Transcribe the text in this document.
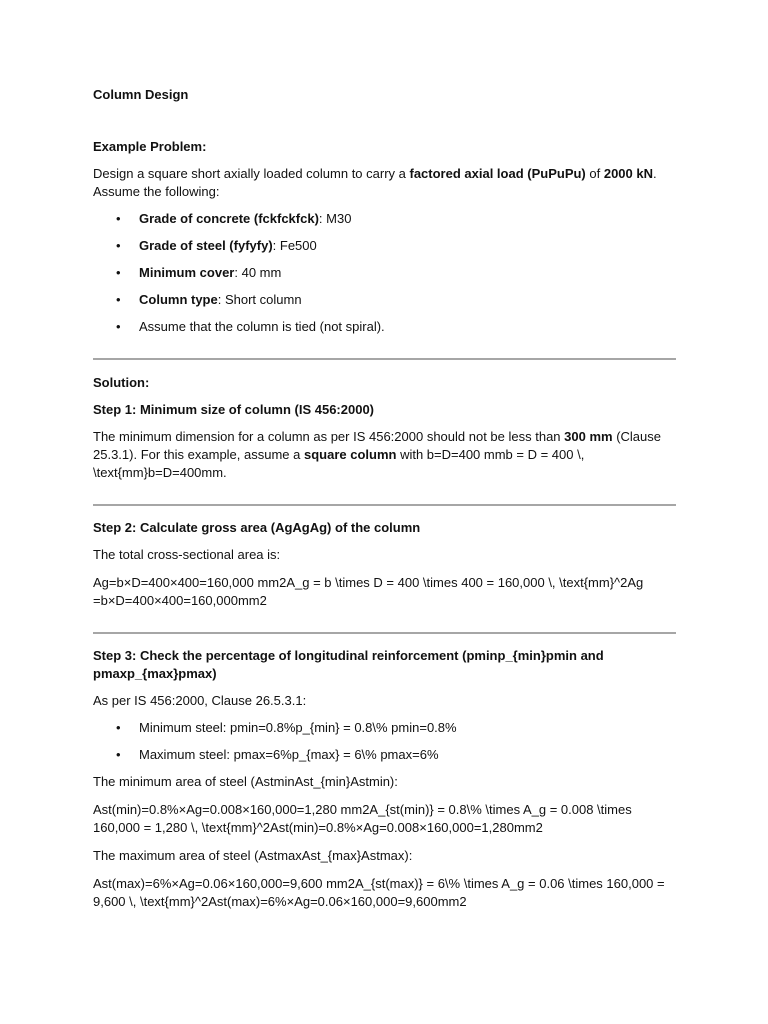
Column Design

Example Problem:

Design a square short axially loaded column to carry a factored axial load (PuPuPu) of 2000 kN. Assume the following:

• Grade of concrete (fckfckfck): M30
• Grade of steel (fyfyfy): Fe500
• Minimum cover: 40 mm
• Column type: Short column
• Assume that the column is tied (not spiral).

Solution:

Step 1: Minimum size of column (IS 456:2000)

The minimum dimension for a column as per IS 456:2000 should not be less than 300 mm (Clause 25.3.1). For this example, assume a square column with b=D=400 mmb = D = 400 \, \text{mm}b=D=400mm.

Step 2: Calculate gross area (AgAgAg) of the column

The total cross-sectional area is:

Ag=b×D=400×400=160,000 mm2A_g = b \times D = 400 \times 400 = 160,000 \, \text{mm}^2Ag =b×D=400×400=160,000mm2

Step 3: Check the percentage of longitudinal reinforcement (pminp_{min}pmin and pmaxp_{max}pmax)

As per IS 456:2000, Clause 26.5.3.1:

• Minimum steel: pmin=0.8%p_{min} = 0.8\% pmin=0.8%
• Maximum steel: pmax=6%p_{max} = 6\% pmax=6%

The minimum area of steel (AstminAst_{min}Astmin):

Ast(min)=0.8%×Ag=0.008×160,000=1,280 mm2A_{st(min)} = 0.8\% \times A_g = 0.008 \times 160,000 = 1,280 \, \text{mm}^2Ast(min)=0.8%×Ag=0.008×160,000=1,280mm2

The maximum area of steel (AstmaxAst_{max}Astmax):

Ast(max)=6%×Ag=0.06×160,000=9,600 mm2A_{st(max)} = 6\% \times A_g = 0.06 \times 160,000 = 9,600 \, \text{mm}^2Ast(max)=6%×Ag=0.06×160,000=9,600mm2
